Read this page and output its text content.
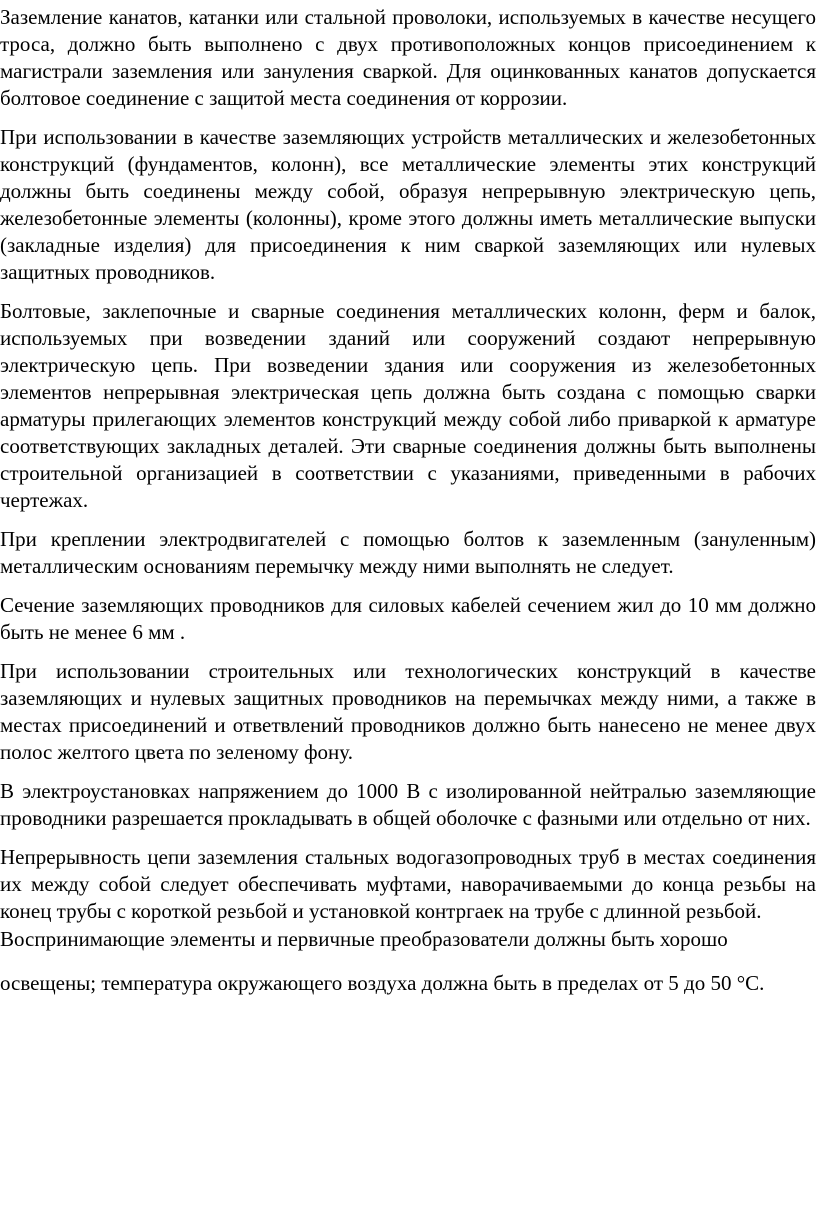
Заземление канатов, катанки или стальной проволоки, используемых в качестве несущего троса, должно быть выполнено с двух противоположных концов присоединением к магистрали заземления или зануления сваркой. Для оцинкованных канатов допускается болтовое соединение с защитой места соединения от коррозии.

При использовании в качестве заземляющих устройств металлических и железобетонных конструкций (фундаментов, колонн), все металлические элементы этих конструкций должны быть соединены между собой, образуя непрерывную электрическую цепь, железобетонные элементы (колонны), кроме этого должны иметь металлические выпуски (закладные изделия) для присоединения к ним сваркой заземляющих или нулевых защитных проводников.

Болтовые, заклепочные и сварные соединения металлических колонн, ферм и балок, используемых при возведении зданий или сооружений создают непрерывную электрическую цепь. При возведении здания или сооружения из железобетонных элементов непрерывная электрическая цепь должна быть создана с помощью сварки арматуры прилегающих элементов конструкций между собой либо приваркой к арматуре соответствующих закладных деталей. Эти сварные соединения должны быть выполнены строительной организацией в соответствии с указаниями, приведенными в рабочих чертежах.

При креплении электродвигателей с помощью болтов к заземленным (зануленным) металлическим основаниям перемычку между ними выполнять не следует.

Сечение заземляющих проводников для силовых кабелей сечением жил до 10 мм должно быть не менее 6 мм .

При использовании строительных или технологических конструкций в качестве заземляющих и нулевых защитных проводников на перемычках между ними, а также в местах присоединений и ответвлений проводников должно быть нанесено не менее двух полос желтого цвета по зеленому фону.

В электроустановках напряжением до 1000 В с изолированной нейтралью заземляющие проводники разрешается прокладывать в общей оболочке с фазными или отдельно от них.

Непрерывность цепи заземления стальных водогазопроводных труб в местах соединения их между собой следует обеспечивать муфтами, наворачиваемыми до конца резьбы на конец трубы с короткой резьбой и установкой контргаек на трубе с длинной резьбой.

Воспринимающие элементы и первичные преобразователи должны быть хорошо освещены; температура окружающего воздуха должна быть в пределах от 5 до 50 °С.
